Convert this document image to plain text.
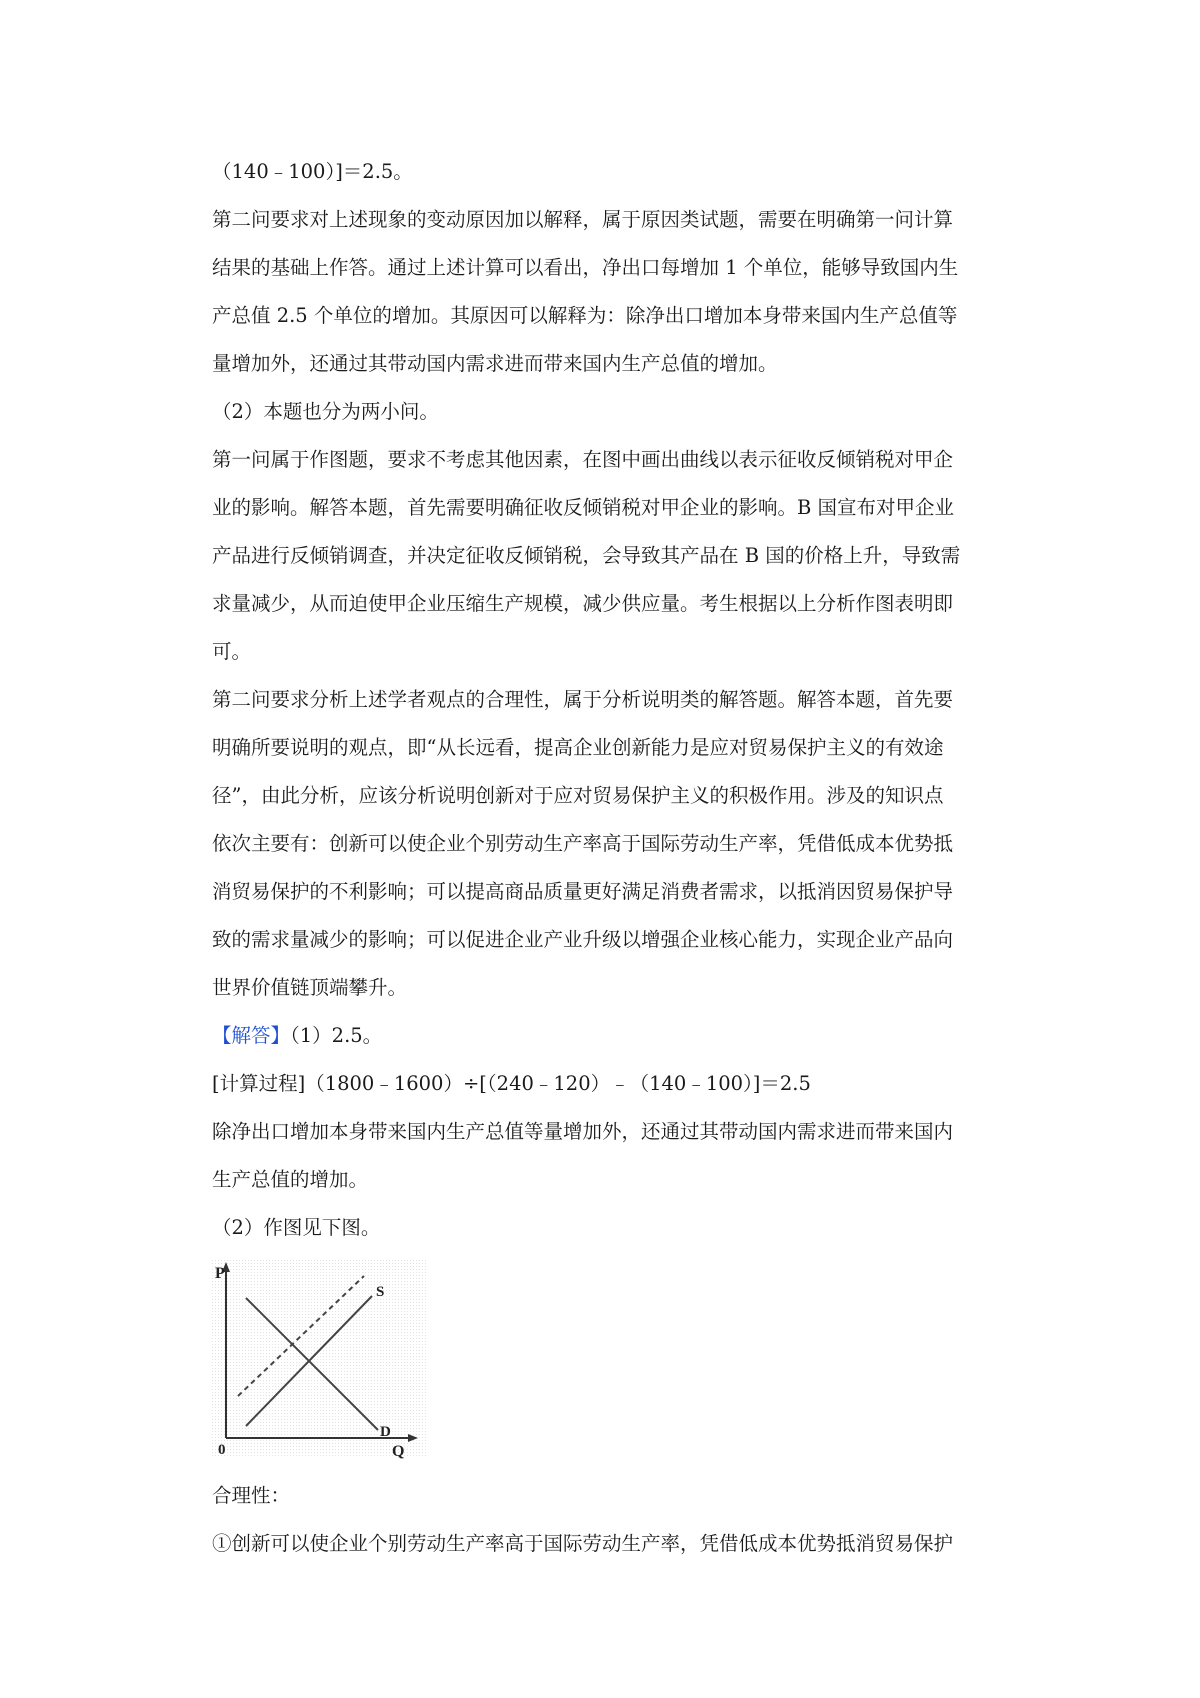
（140﹣100）]＝2.5。
第二问要求对上述现象的变动原因加以解释，属于原因类试题，需要在明确第一问计算
结果的基础上作答。通过上述计算可以看出，净出口每增加 1 个单位，能够导致国内生
产总值 2.5 个单位的增加。其原因可以解释为：除净出口增加本身带来国内生产总值等
量增加外，还通过其带动国内需求进而带来国内生产总值的增加。
（2）本题也分为两小问。
第一问属于作图题，要求不考虑其他因素，在图中画出曲线以表示征收反倾销税对甲企
业的影响。解答本题，首先需要明确征收反倾销税对甲企业的影响。B 国宣布对甲企业
产品进行反倾销调查，并决定征收反倾销税，会导致其产品在 B 国的价格上升，导致需
求量减少，从而迫使甲企业压缩生产规模，减少供应量。考生根据以上分析作图表明即
可。
第二问要求分析上述学者观点的合理性，属于分析说明类的解答题。解答本题，首先要
明确所要说明的观点，即“从长远看，提高企业创新能力是应对贸易保护主义的有效途
径”，由此分析，应该分析说明创新对于应对贸易保护主义的积极作用。涉及的知识点
依次主要有：创新可以使企业个别劳动生产率高于国际劳动生产率，凭借低成本优势抵
消贸易保护的不利影响；可以提高商品质量更好满足消费者需求，以抵消因贸易保护导
致的需求量减少的影响；可以促进企业产业升级以增强企业核心能力，实现企业产品向
世界价值链顶端攀升。
【解答】（1）2.5。
[计算过程]（1800﹣1600）÷[（240﹣120）﹣（140﹣100）]＝2.5
除净出口增加本身带来国内生产总值等量增加外，还通过其带动国内需求进而带来国内
生产总值的增加。
（2）作图见下图。
P
Q
0
S
D
合理性：
①创新可以使企业个别劳动生产率高于国际劳动生产率，凭借低成本优势抵消贸易保护
